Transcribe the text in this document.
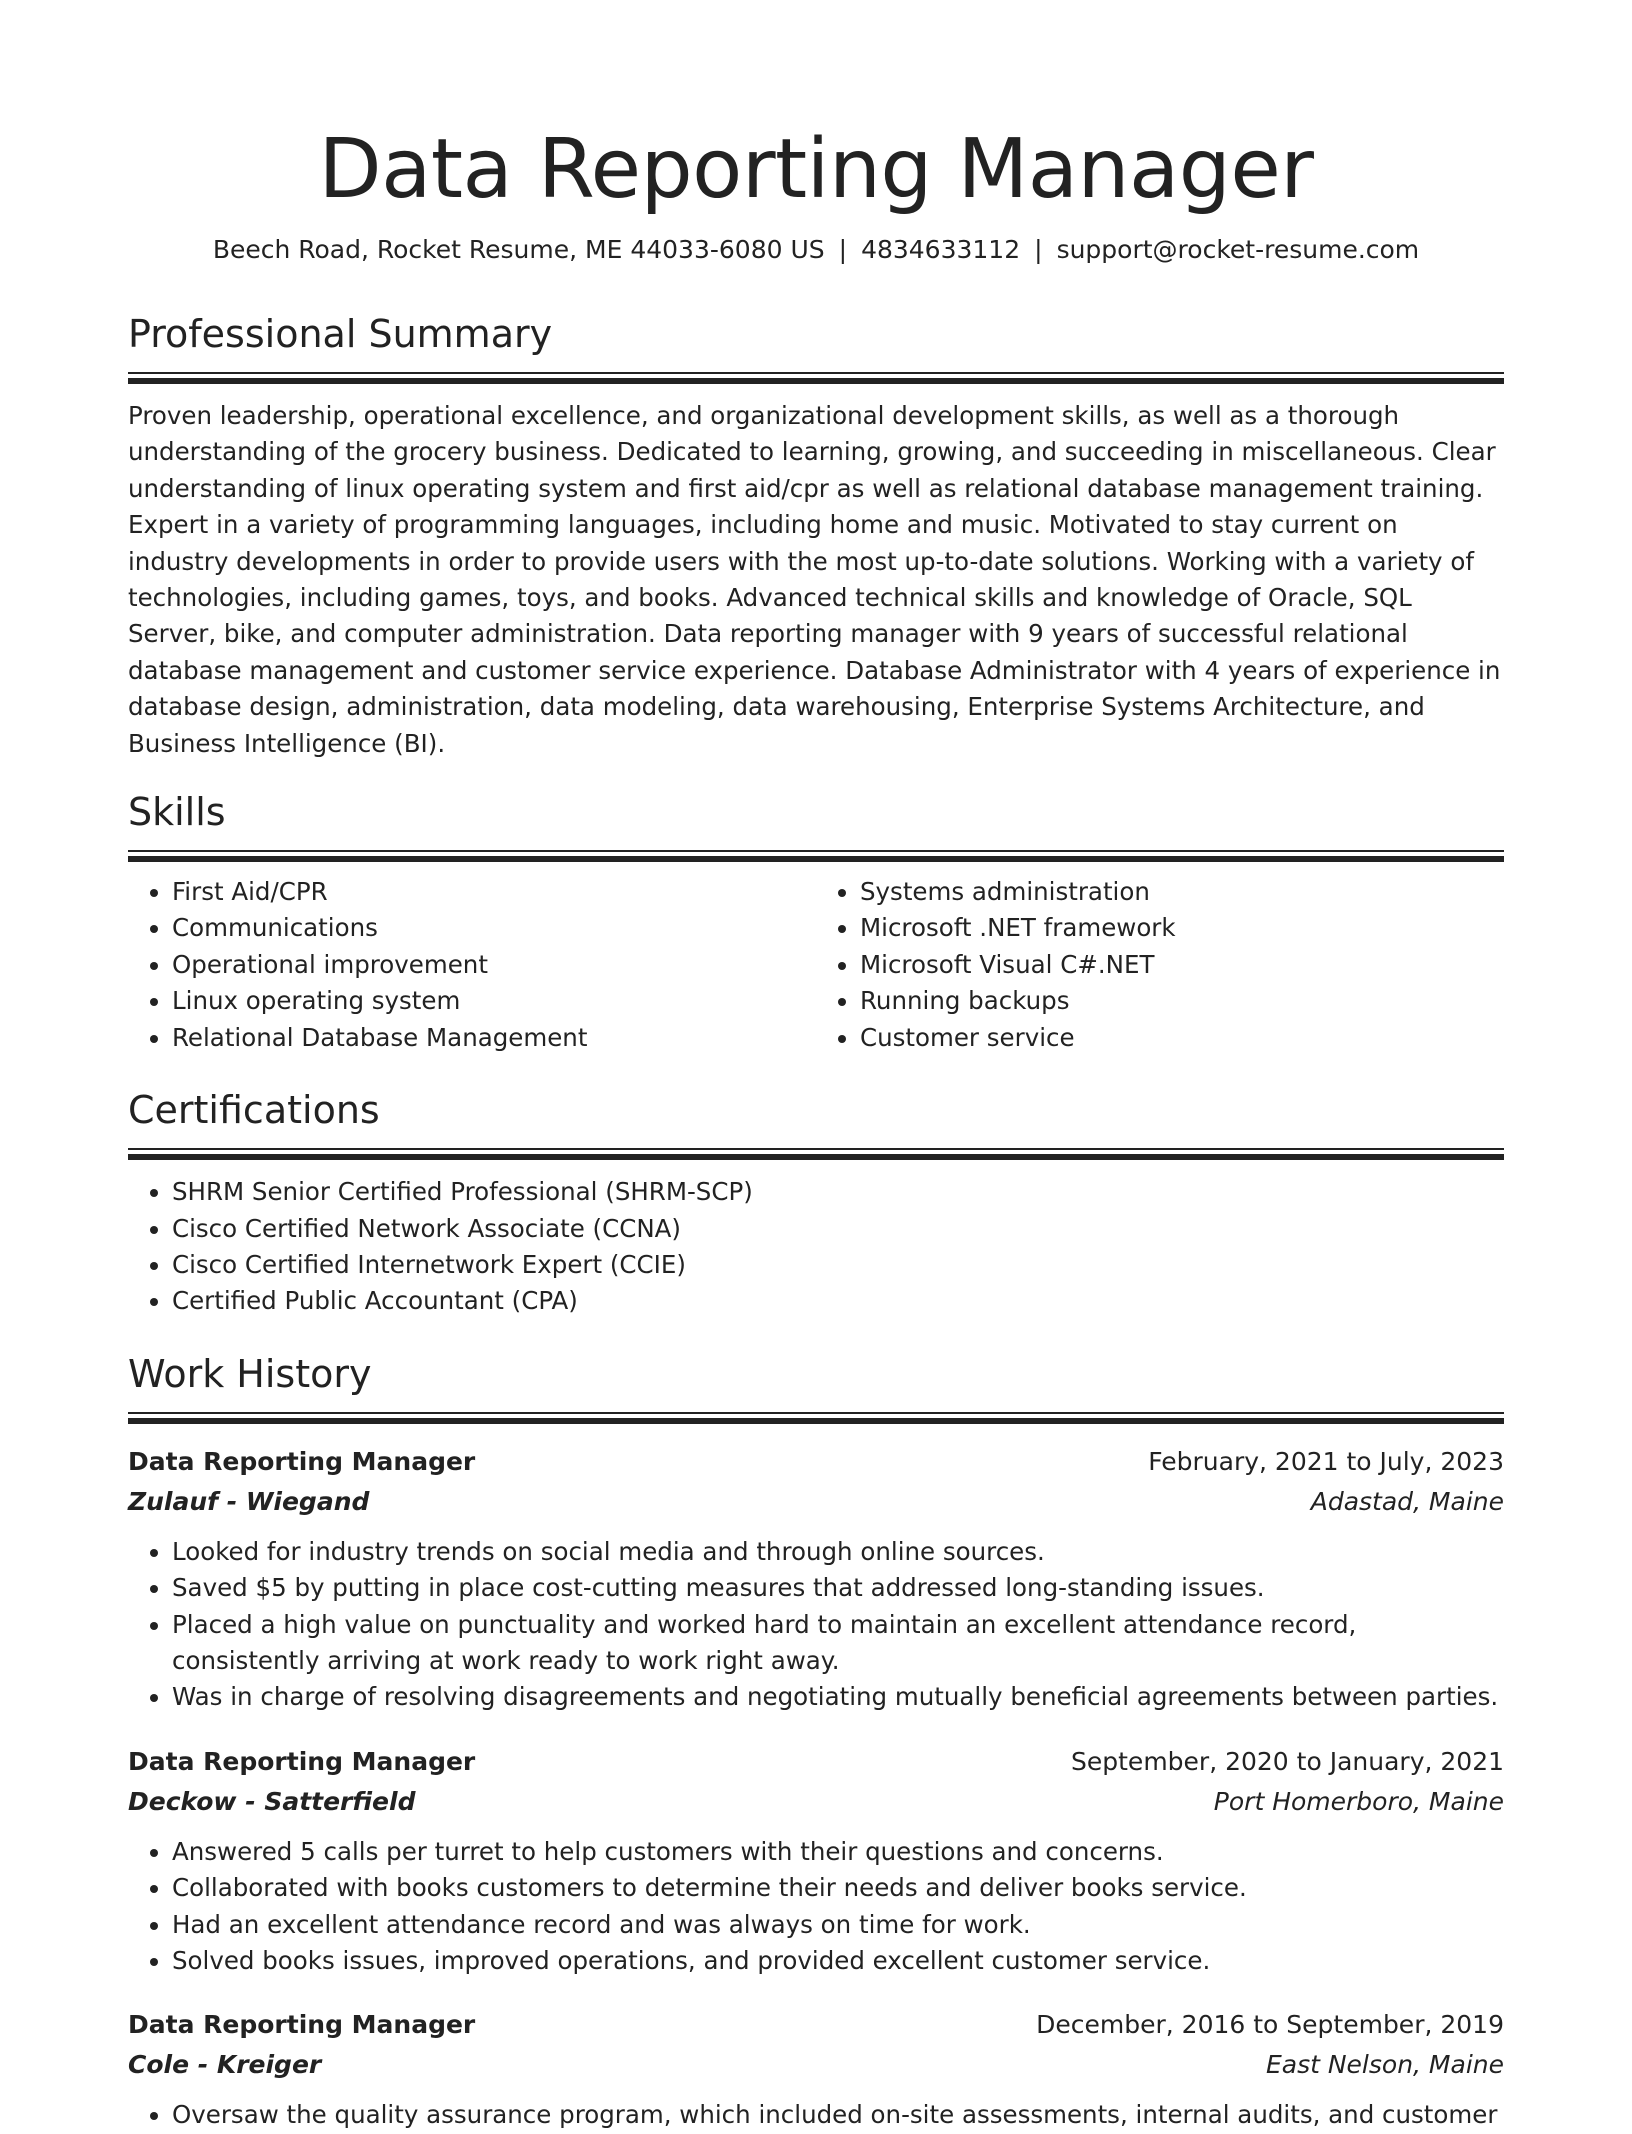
Data Reporting Manager
Beech Road, Rocket Resume, ME 44033-6080 US | 4834633112 | support@rocket-resume.com
Professional Summary
Proven leadership, operational excellence, and organizational development skills, as well as a thorough understanding of the grocery business. Dedicated to learning, growing, and succeeding in miscellaneous. Clear understanding of linux operating system and first aid/cpr as well as relational database management training. Expert in a variety of programming languages, including home and music. Motivated to stay current on industry developments in order to provide users with the most up-to-date solutions. Working with a variety of technologies, including games, toys, and books. Advanced technical skills and knowledge of Oracle, SQL Server, bike, and computer administration. Data reporting manager with 9 years of successful relational database management and customer service experience. Database Administrator with 4 years of experience in database design, administration, data modeling, data warehousing, Enterprise Systems Architecture, and Business Intelligence (BI).
Skills
• First Aid/CPR
• Communications
• Operational improvement
• Linux operating system
• Relational Database Management
• Systems administration
• Microsoft .NET framework
• Microsoft Visual C#.NET
• Running backups
• Customer service
Certifications
• SHRM Senior Certified Professional (SHRM-SCP)
• Cisco Certified Network Associate (CCNA)
• Cisco Certified Internetwork Expert (CCIE)
• Certified Public Accountant (CPA)
Work History
Data Reporting Manager	February, 2021 to July, 2023
Zulauf - Wiegand	Adastad, Maine
• Looked for industry trends on social media and through online sources.
• Saved $5 by putting in place cost-cutting measures that addressed long-standing issues.
• Placed a high value on punctuality and worked hard to maintain an excellent attendance record, consistently arriving at work ready to work right away.
• Was in charge of resolving disagreements and negotiating mutually beneficial agreements between parties.
Data Reporting Manager	September, 2020 to January, 2021
Deckow - Satterfield	Port Homerboro, Maine
• Answered 5 calls per turret to help customers with their questions and concerns.
• Collaborated with books customers to determine their needs and deliver books service.
• Had an excellent attendance record and was always on time for work.
• Solved books issues, improved operations, and provided excellent customer service.
Data Reporting Manager	December, 2016 to September, 2019
Cole - Kreiger	East Nelson, Maine
• Oversaw the quality assurance program, which included on-site assessments, internal audits, and customer
